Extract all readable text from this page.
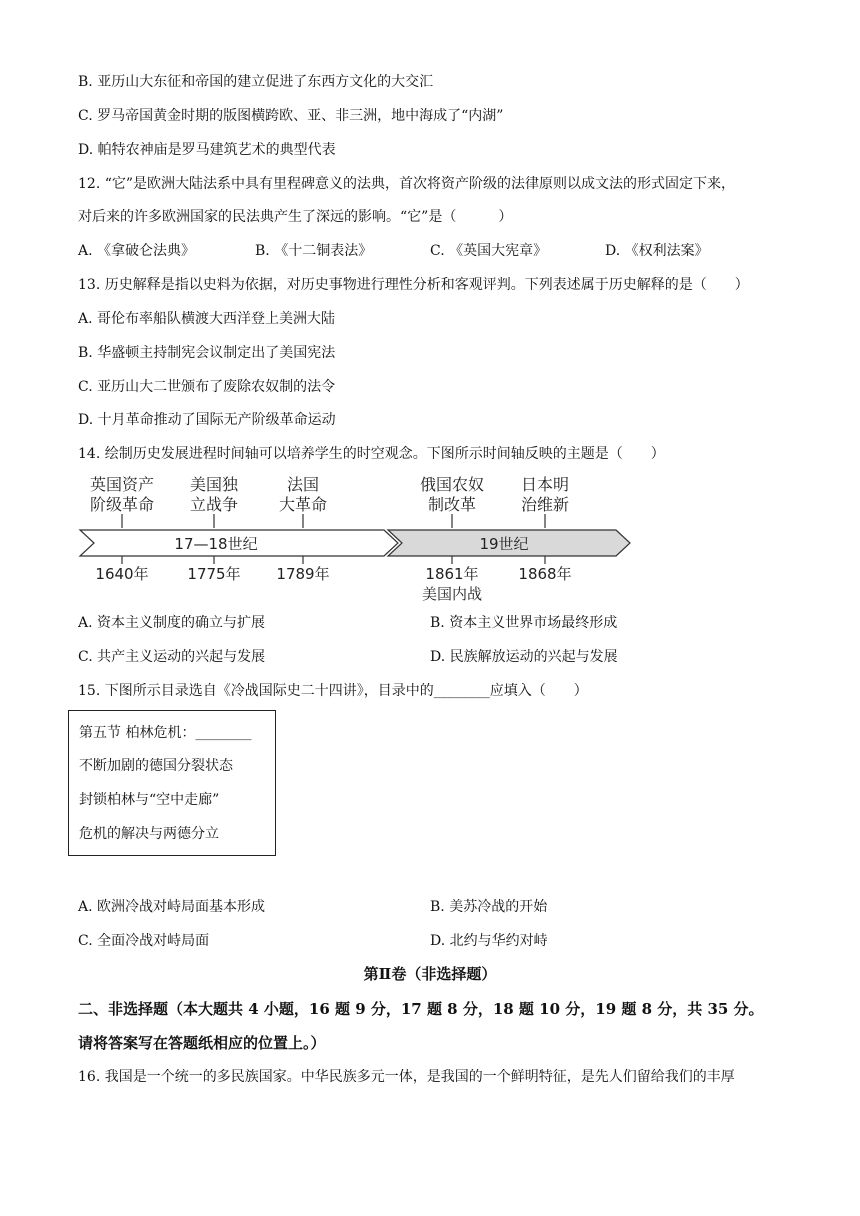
B. 亚历山大东征和帝国的建立促进了东西方文化的大交汇
C. 罗马帝国黄金时期的版图横跨欧、亚、非三洲，地中海成了“内湖”
D. 帕特农神庙是罗马建筑艺术的典型代表
12. “它”是欧洲大陆法系中具有里程碑意义的法典，首次将资产阶级的法律原则以成文法的形式固定下来，
对后来的许多欧洲国家的民法典产生了深远的影响。“它”是（　　　）
A. 《拿破仑法典》	B. 《十二铜表法》	C. 《英国大宪章》	D. 《权利法案》
13. 历史解释是指以史料为依据，对历史事物进行理性分析和客观评判。下列表述属于历史解释的是（　　）
A. 哥伦布率船队横渡大西洋登上美洲大陆
B. 华盛顿主持制宪会议制定出了美国宪法
C. 亚历山大二世颁布了废除农奴制的法令
D. 十月革命推动了国际无产阶级革命运动
14. 绘制历史发展进程时间轴可以培养学生的时空观念。下图所示时间轴反映的主题是（　　）
英国资产
阶级革命
美国独
立战争
法国
大革命
俄国农奴
制改革
日本明
治维新
17—18世纪	19世纪
1640年	1775年 1789年	1861年	1868年
美国内战
A. 资本主义制度的确立与扩展	B. 资本主义世界市场最终形成
C. 共产主义运动的兴起与发展	D. 民族解放运动的兴起与发展
15. 下图所示目录选自《冷战国际史二十四讲》，目录中的________应填入（　　）
第五节 柏林危机：________
不断加剧的德国分裂状态
封锁柏林与“空中走廊”
危机的解决与两德分立
A. 欧洲冷战对峙局面基本形成	B. 美苏冷战的开始
C. 全面冷战对峙局面	D. 北约与华约对峙
第Ⅱ卷（非选择题）
二、非选择题（本大题共 4 小题，16 题 9 分，17 题 8 分，18 题 10 分，19 题 8 分，共 35 分。
请将答案写在答题纸相应的位置上。）
16. 我国是一个统一的多民族国家。中华民族多元一体，是我国的一个鲜明特征，是先人们留给我们的丰厚
